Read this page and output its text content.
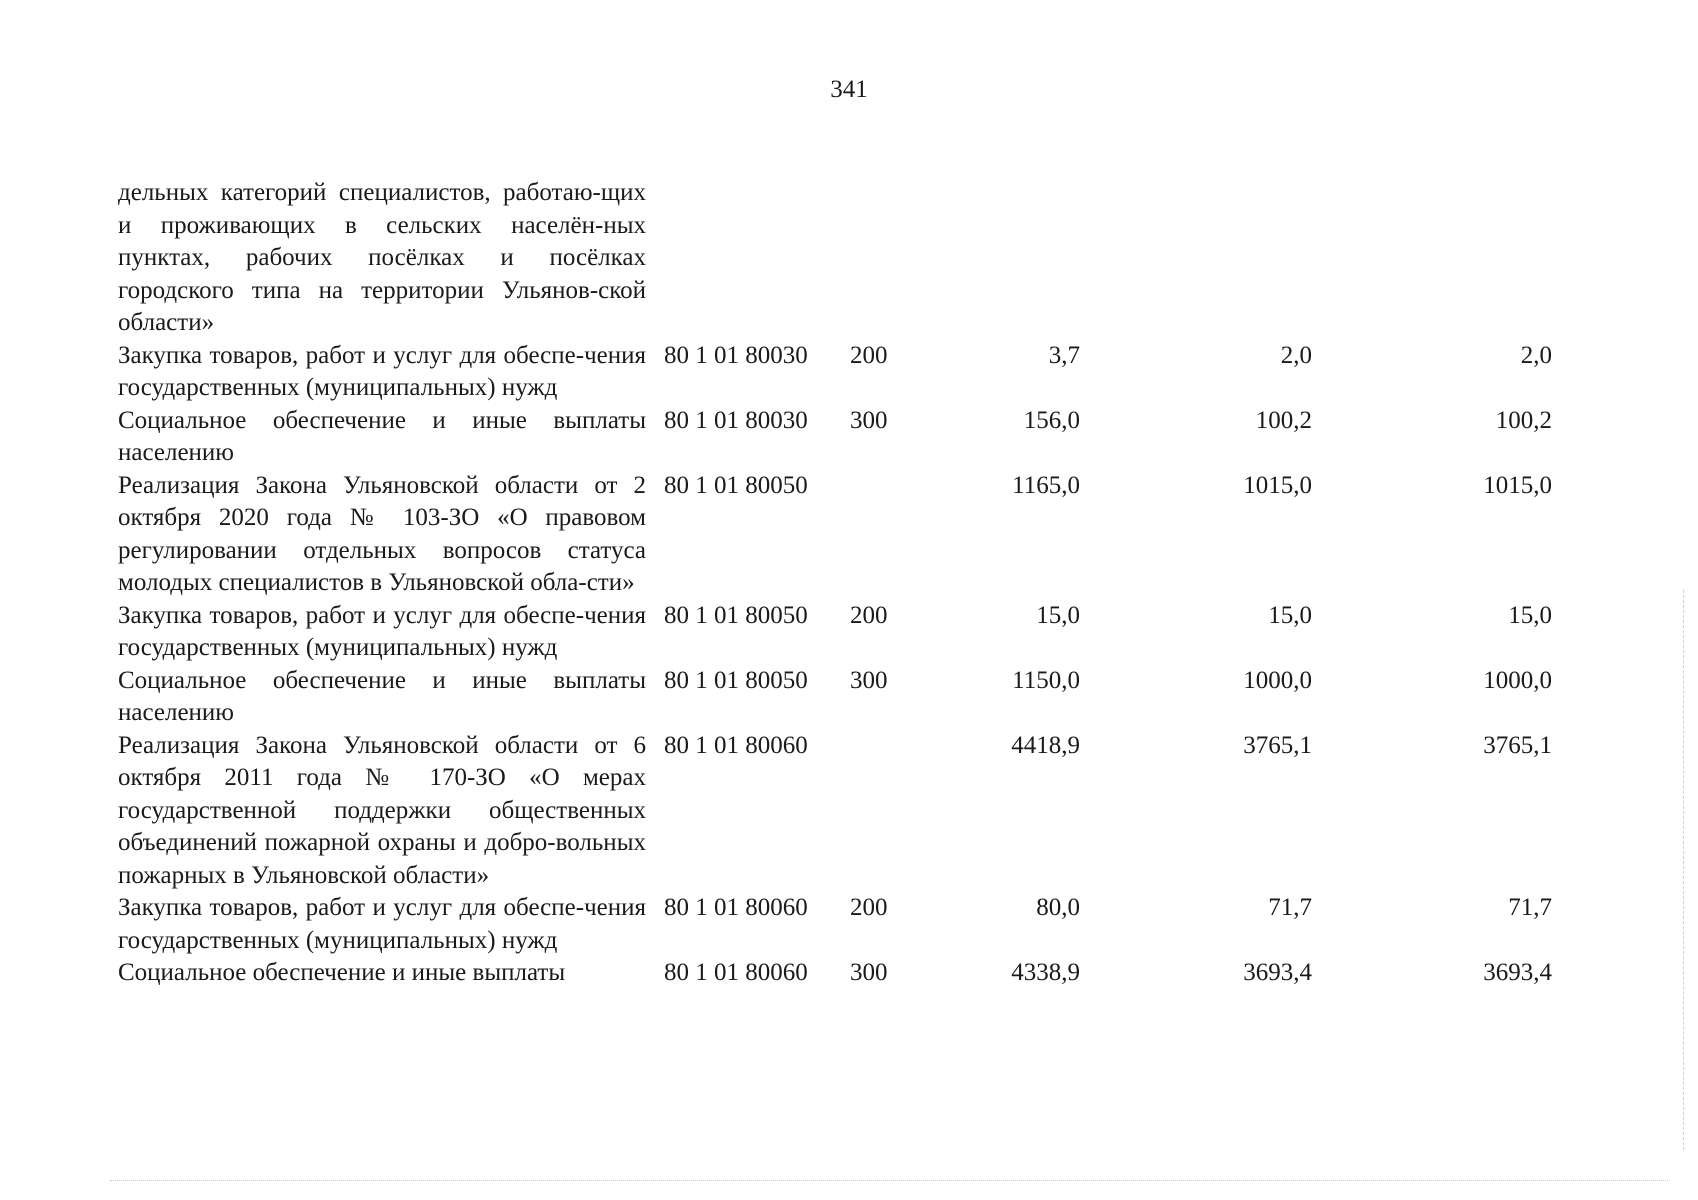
341
дельных категорий специалистов, работаю-щих и проживающих в сельских населён-ных пунктах, рабочих посёлках и посёлках городского типа на территории Ульянов-ской области»					
Закупка товаров, работ и услуг для обеспе-чения государственных (муниципальных) нужд	80 1 01 80030	200	3,7	2,0	2,0
Социальное обеспечение и иные выплаты населению	80 1 01 80030	300	156,0	100,2	100,2
Реализация Закона Ульяновской области от 2 октября 2020 года № 103-ЗО «О правовом регулировании отдельных вопросов статуса молодых специалистов в Ульяновской обла-сти»	80 1 01 80050		1165,0	1015,0	1015,0
Закупка товаров, работ и услуг для обеспе-чения государственных (муниципальных) нужд	80 1 01 80050	200	15,0	15,0	15,0
Социальное обеспечение и иные выплаты населению	80 1 01 80050	300	1150,0	1000,0	1000,0
Реализация Закона Ульяновской области от 6 октября 2011 года № 170-ЗО «О мерах государственной поддержки общественных объединений пожарной охраны и добро-вольных пожарных в Ульяновской области»	80 1 01 80060		4418,9	3765,1	3765,1
Закупка товаров, работ и услуг для обеспе-чения государственных (муниципальных) нужд	80 1 01 80060	200	80,0	71,7	71,7
Социальное обеспечение и иные выплаты	80 1 01 80060	300	4338,9	3693,4	3693,4
